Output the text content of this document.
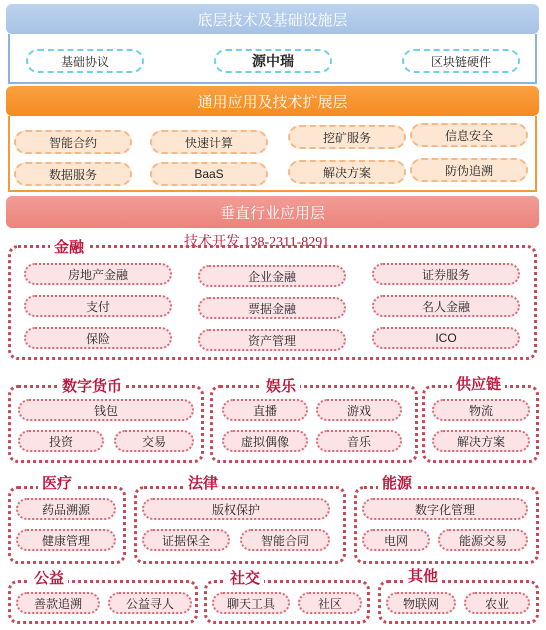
底层技术及基础设施层
基础协议	源中瑞	区块链硬件
通用应用及技术扩展层
智能合约	快速计算	挖矿服务	信息安全
数据服务	BaaS	解决方案	防伪追溯
垂直行业应用层
技术开发 138-2311-8291
金融
房地产金融	企业金融	证券服务
支付	票据金融	名人金融
保险	资产管理	ICO
数字货币
钱包
投资	交易
娱乐
直播	游戏
虚拟偶像	音乐
供应链
物流
解决方案
医疗
药品溯源
健康管理
法律
版权保护
证据保全	智能合同
能源
数字化管理
电网	能源交易
公益
善款追溯	公益寻人
社交
聊天工具	社区
其他
物联网	农业
